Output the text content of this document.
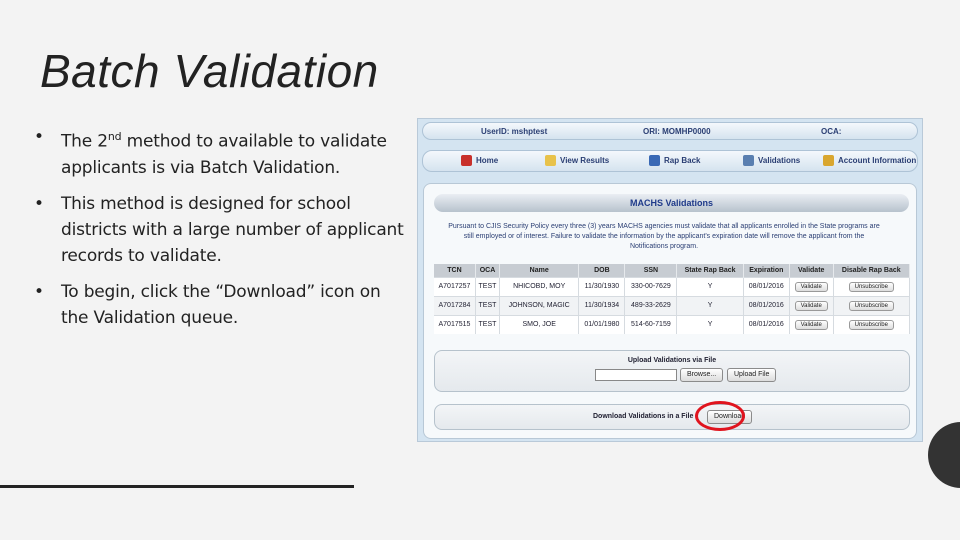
Batch Validation
• The 2nd method to available to validate applicants is via Batch Validation.
• This method is designed for school districts with a large number of applicant records to validate.
• To begin, click the “Download” icon on the Validation queue.
UserID: mshptest	ORI: MOMHP0000	OCA:
Home	View Results	Rap Back	Validations	Account Information
MACHS Validations
Pursuant to CJIS Security Policy every three (3) years MACHS agencies must validate that all applicants enrolled in the State programs are still employed or of interest. Failure to validate the information by the applicant's expiration date will remove the applicant from the Notifications program.
TCN	OCA	Name	DOB	SSN	State Rap Back	Expiration	Validate	Disable Rap Back
A7017257	TEST	NHICOBD, MOY	11/30/1930	330-00-7629	Y	08/01/2016	Validate	Unsubscribe
A7017284	TEST	JOHNSON, MAGIC	11/30/1934	489-33-2629	Y	08/01/2016	Validate	Unsubscribe
A7017515	TEST	SMO, JOE	01/01/1980	514-60-7159	Y	08/01/2016	Validate	Unsubscribe
Upload Validations via File
Browse...	Upload File
Download Validations in a File	Download
